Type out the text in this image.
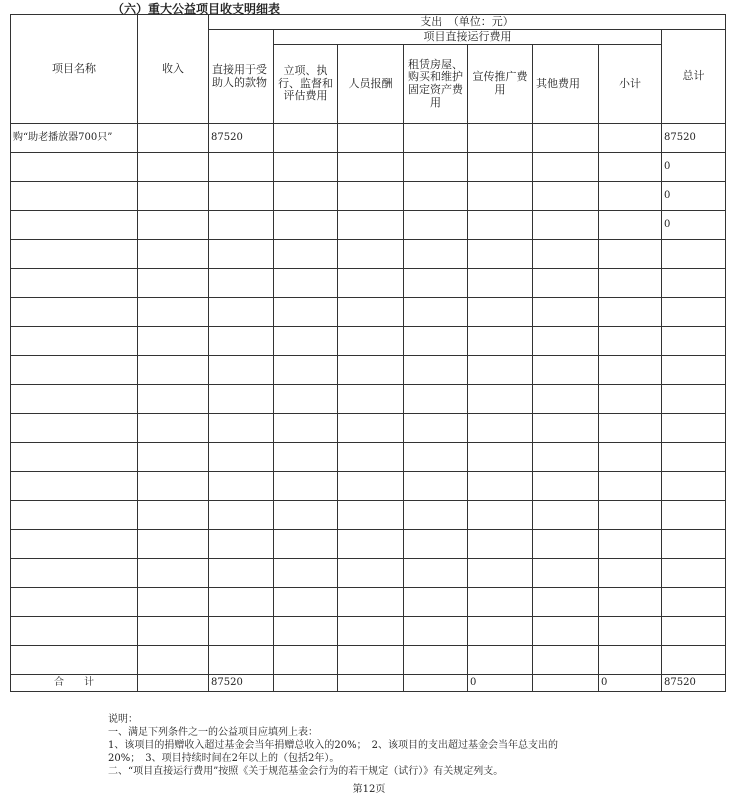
（六）重大公益项目收支明细表
项目名称	收入	支出　（单位：元）							
		直接用于受助人的款物	项目直接运行费用						总计
			立项、执行、监督和评估费用	人员报酬	租赁房屋、购买和维护固定资产费用	宣传推广费用	其他费用	小计	
购“助老播放器700只”		87520							87520
									0
									0
									0

合　　计		87520				0		0	87520
说明：
一、满足下列条件之一的公益项目应填列上表：
1、该项目的捐赠收入超过基金会当年捐赠总收入的20%；　2、该项目的支出超过基金会当年总支出的
20%；　3、项目持续时间在2年以上的（包括2年）。
二、“项目直接运行费用”按照《关于规范基金会行为的若干规定（试行）》有关规定列支。
第12页
